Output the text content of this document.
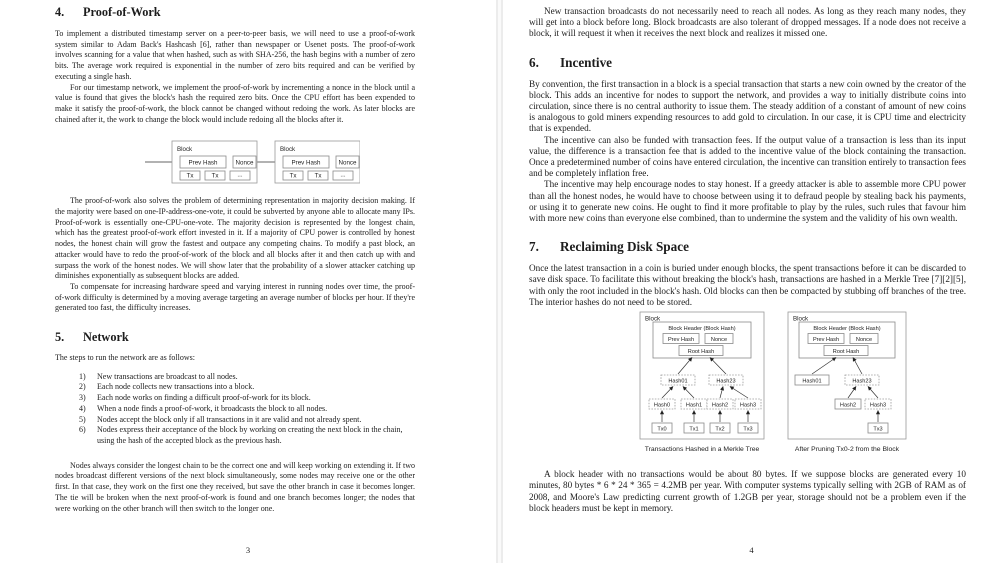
4. Proof-of-Work

To implement a distributed timestamp server on a peer-to-peer basis, we will need to use a proof-of-work system similar to Adam Back's Hashcash [6], rather than newspaper or Usenet posts. The proof-of-work involves scanning for a value that when hashed, such as with SHA-256, the hash begins with a number of zero bits. The average work required is exponential in the number of zero bits required and can be verified by executing a single hash.

For our timestamp network, we implement the proof-of-work by incrementing a nonce in the block until a value is found that gives the block's hash the required zero bits. Once the CPU effort has been expended to make it satisfy the proof-of-work, the block cannot be changed without redoing the work. As later blocks are chained after it, the work to change the block would include redoing all the blocks after it.

Block
Prev Hash	Nonce
Tx	Tx	...
Block
Prev Hash	Nonce
Tx	Tx	...

The proof-of-work also solves the problem of determining representation in majority decision making. If the majority were based on one-IP-address-one-vote, it could be subverted by anyone able to allocate many IPs. Proof-of-work is essentially one-CPU-one-vote. The majority decision is represented by the longest chain, which has the greatest proof-of-work effort invested in it. If a majority of CPU power is controlled by honest nodes, the honest chain will grow the fastest and outpace any competing chains. To modify a past block, an attacker would have to redo the proof-of-work of the block and all blocks after it and then catch up with and surpass the work of the honest nodes. We will show later that the probability of a slower attacker catching up diminishes exponentially as subsequent blocks are added.

To compensate for increasing hardware speed and varying interest in running nodes over time, the proof-of-work difficulty is determined by a moving average targeting an average number of blocks per hour. If they're generated too fast, the difficulty increases.

5. Network

The steps to run the network are as follows:

1)	New transactions are broadcast to all nodes.
2)	Each node collects new transactions into a block.
3)	Each node works on finding a difficult proof-of-work for its block.
4)	When a node finds a proof-of-work, it broadcasts the block to all nodes.
5)	Nodes accept the block only if all transactions in it are valid and not already spent.
6)	Nodes express their acceptance of the block by working on creating the next block in the chain, using the hash of the accepted block as the previous hash.

Nodes always consider the longest chain to be the correct one and will keep working on extending it. If two nodes broadcast different versions of the next block simultaneously, some nodes may receive one or the other first. In that case, they work on the first one they received, but save the other branch in case it becomes longer. The tie will be broken when the next proof-of-work is found and one branch becomes longer; the nodes that were working on the other branch will then switch to the longer one.

3

New transaction broadcasts do not necessarily need to reach all nodes. As long as they reach many nodes, they will get into a block before long. Block broadcasts are also tolerant of dropped messages. If a node does not receive a block, it will request it when it receives the next block and realizes it missed one.

6. Incentive

By convention, the first transaction in a block is a special transaction that starts a new coin owned by the creator of the block. This adds an incentive for nodes to support the network, and provides a way to initially distribute coins into circulation, since there is no central authority to issue them. The steady addition of a constant of amount of new coins is analogous to gold miners expending resources to add gold to circulation. In our case, it is CPU time and electricity that is expended.

The incentive can also be funded with transaction fees. If the output value of a transaction is less than its input value, the difference is a transaction fee that is added to the incentive value of the block containing the transaction. Once a predetermined number of coins have entered circulation, the incentive can transition entirely to transaction fees and be completely inflation free.

The incentive may help encourage nodes to stay honest. If a greedy attacker is able to assemble more CPU power than all the honest nodes, he would have to choose between using it to defraud people by stealing back his payments, or using it to generate new coins. He ought to find it more profitable to play by the rules, such rules that favour him with more new coins than everyone else combined, than to undermine the system and the validity of his own wealth.

7. Reclaiming Disk Space

Once the latest transaction in a coin is buried under enough blocks, the spent transactions before it can be discarded to save disk space. To facilitate this without breaking the block's hash, transactions are hashed in a Merkle Tree [7][2][5], with only the root included in the block's hash. Old blocks can then be compacted by stubbing off branches of the tree. The interior hashes do not need to be stored.

Block
Block Header (Block Hash)
Prev Hash	Nonce
Root Hash
Hash01	Hash23
Hash0	Hash1 Hash2 Hash3
Tx0	Tx1	Tx2	Tx3
Transactions Hashed in a Merkle Tree
Block
Block Header (Block Hash)
Prev Hash	Nonce
Root Hash
Hash01	Hash23
Hash2 Hash3
Tx3
After Pruning Tx0-2 from the Block

A block header with no transactions would be about 80 bytes. If we suppose blocks are generated every 10 minutes, 80 bytes * 6 * 24 * 365 = 4.2MB per year. With computer systems typically selling with 2GB of RAM as of 2008, and Moore's Law predicting current growth of 1.2GB per year, storage should not be a problem even if the block headers must be kept in memory.

4
